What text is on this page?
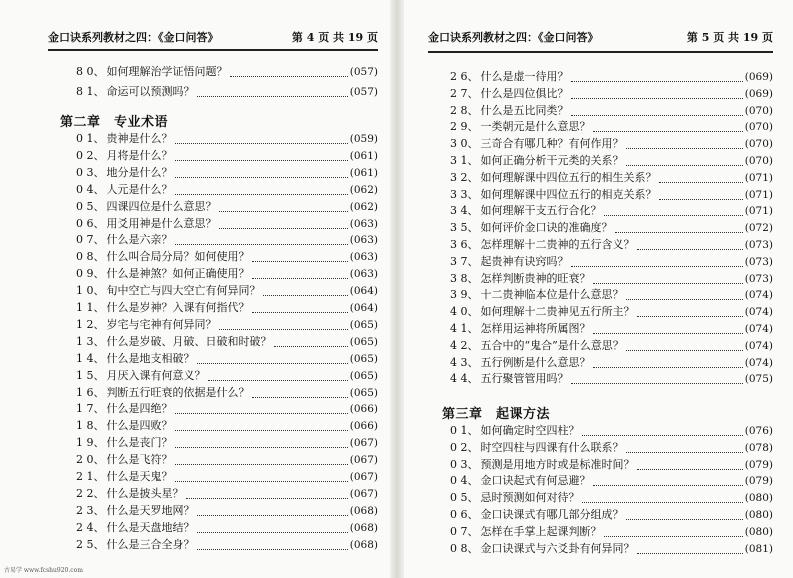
金口诀系列教材之四：《金口问答》	第 4 页 共 19 页
8 0、 如何理解治学证悟问题？	(057)
8 1、 命运可以预测吗？	(057)
0 1、 贵神是什么？	(059)
0 2、 月将是什么？	(061)
0 3、 地分是什么？	(061)
0 4、 人元是什么？	(062)
0 5、 四课四位是什么意思？	(062)
0 6、 用爻用神是什么意思？	(063)
0 7、 什么是六亲？	(063)
0 8、 什么叫合局分局？如何使用？	(063)
0 9、 什么是神煞？如何正确使用？	(063)
1 0、 旬中空亡与四大空亡有何异同？	(064)
1 1、 什么是岁神？入课有何指代？	(064)
1 2、 岁宅与宅神有何异同？	(065)
1 3、 什么是岁破、月破、日破和时破？	(065)
1 4、 什么是地支相破？	(065)
1 5、 月厌入课有何意义？	(065)
1 6、 判断五行旺衰的依据是什么？	(065)
1 7、 什么是四绝？	(066)
1 8、 什么是四败？	(066)
1 9、 什么是丧门？	(067)
2 0、 什么是飞符？	(067)
2 1、 什么是天鬼？	(067)
2 2、 什么是披头星？	(067)
2 3、 什么是天罗地网？	(068)
2 4、 什么是天盘地结？	(068)
2 5、 什么是三合全身？	(068)
第二章　专业术语
金口诀系列教材之四：《金口问答》	第 5 页 共 19 页
2 6、 什么是虚一待用？	(069)
2 7、 什么是四位俱比？	(069)
2 8、 什么是五比同类？	(070)
2 9、 一类朝元是什么意思？	(070)
3 0、 三奇合有哪几种？有何作用？	(070)
3 1、 如何正确分析干元类的关系？	(070)
3 2、 如何理解课中四位五行的相生关系？	(071)
3 3、 如何理解课中四位五行的相克关系？	(071)
3 4、 如何理解干支五行合化？	(071)
3 5、 如何评价金口诀的准确度？	(072)
3 6、 怎样理解十二贵神的五行含义？	(073)
3 7、 起贵神有诀窍吗？	(073)
3 8、 怎样判断贵神的旺衰？	(073)
3 9、 十二贵神临本位是什么意思？	(074)
4 0、 如何理解十二贵神见五行所主？	(074)
4 1、 怎样用运神将所属图？	(074)
4 2、 五合中的“鬼合”是什么意思？	(074)
4 3、 五行例断是什么意思？	(074)
4 4、 五行聚管管用吗？	(075)
0 1、 如何确定时空四柱？	(076)
0 2、 时空四柱与四课有什么联系？	(078)
0 3、 预测是用地方时或是标准时间？	(079)
0 4、 金口诀起式有何忌避？	(079)
0 5、 忌时预测如何对待？	(080)
0 6、 金口诀课式有哪几部分组成？	(080)
0 7、 怎样在手掌上起课判断？	(080)
0 8、 金口诀课式与六爻卦有何异同？	(081)
第三章　起课方法
古易学 www.fcshu920.com
